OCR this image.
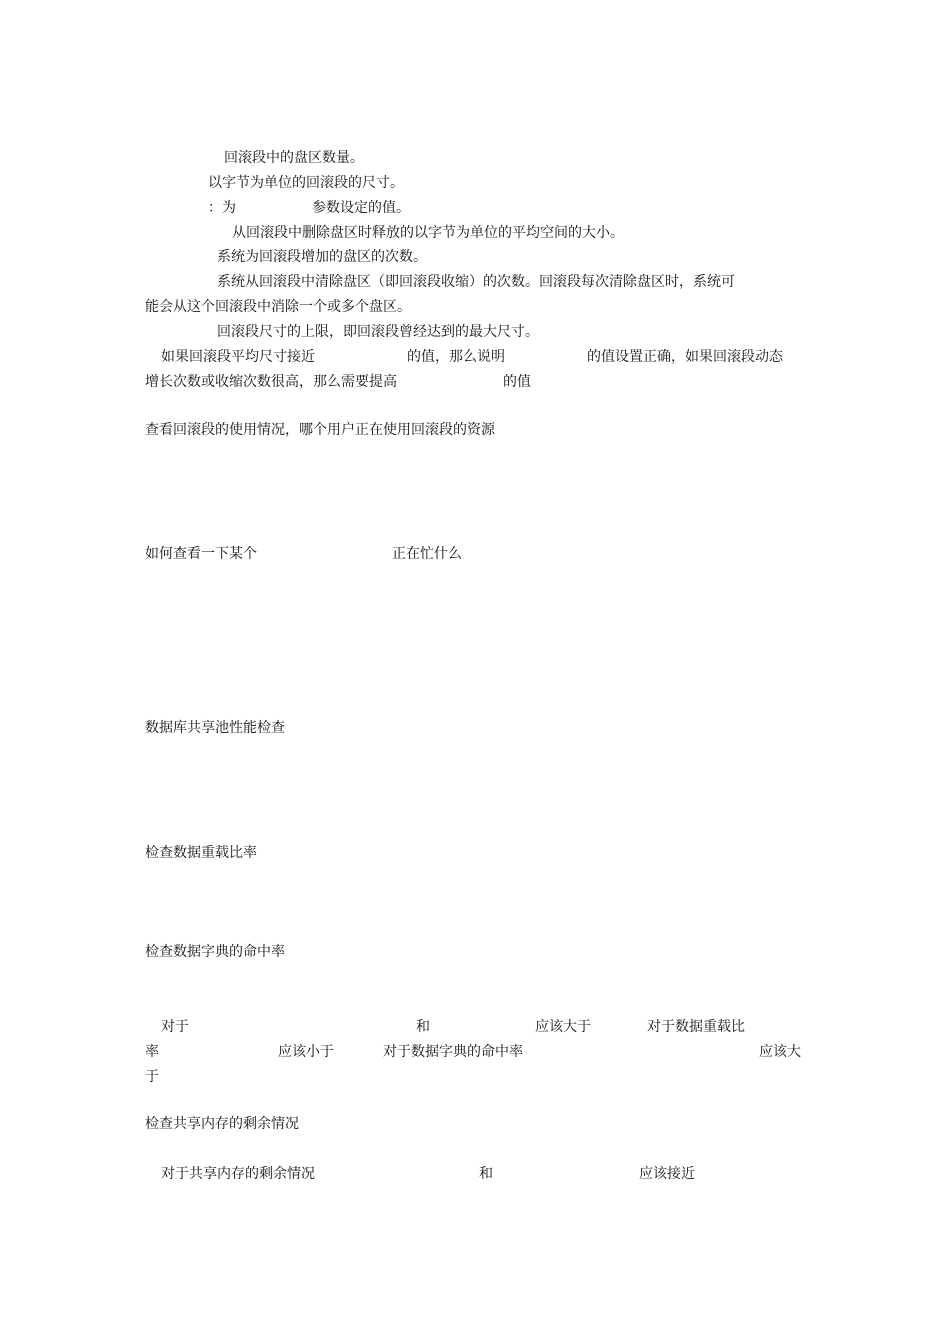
回滚段中的盘区数量。

以字节为单位的回滚段的尺寸。

：为	参数设定的值。

从回滚段中删除盘区时释放的以字节为单位的平均空间的大小。

系统为回滚段增加的盘区的次数。

系统从回滚段中清除盘区（即回滚段收缩）的次数。回滚段每次清除盘区时，系统可

能会从这个回滚段中消除一个或多个盘区。

回滚段尺寸的上限，即回滚段曾经达到的最大尺寸。

如果回滚段平均尺寸接近	的值，那么说明	的值设置正确，如果回滚段动态

增长次数或收缩次数很高，那么需要提高	的值

查看回滚段的使用情况，哪个用户正在使用回滚段的资源

如何查看一下某个	正在忙什么

数据库共享池性能检查

检查数据重载比率

检查数据字典的命中率

对于	和	应该大于	对于数据重载比

率	应该小于	对于数据字典的命中率	应该大

于

检查共享内存的剩余情况

对于共享内存的剩余情况	和	应该接近
